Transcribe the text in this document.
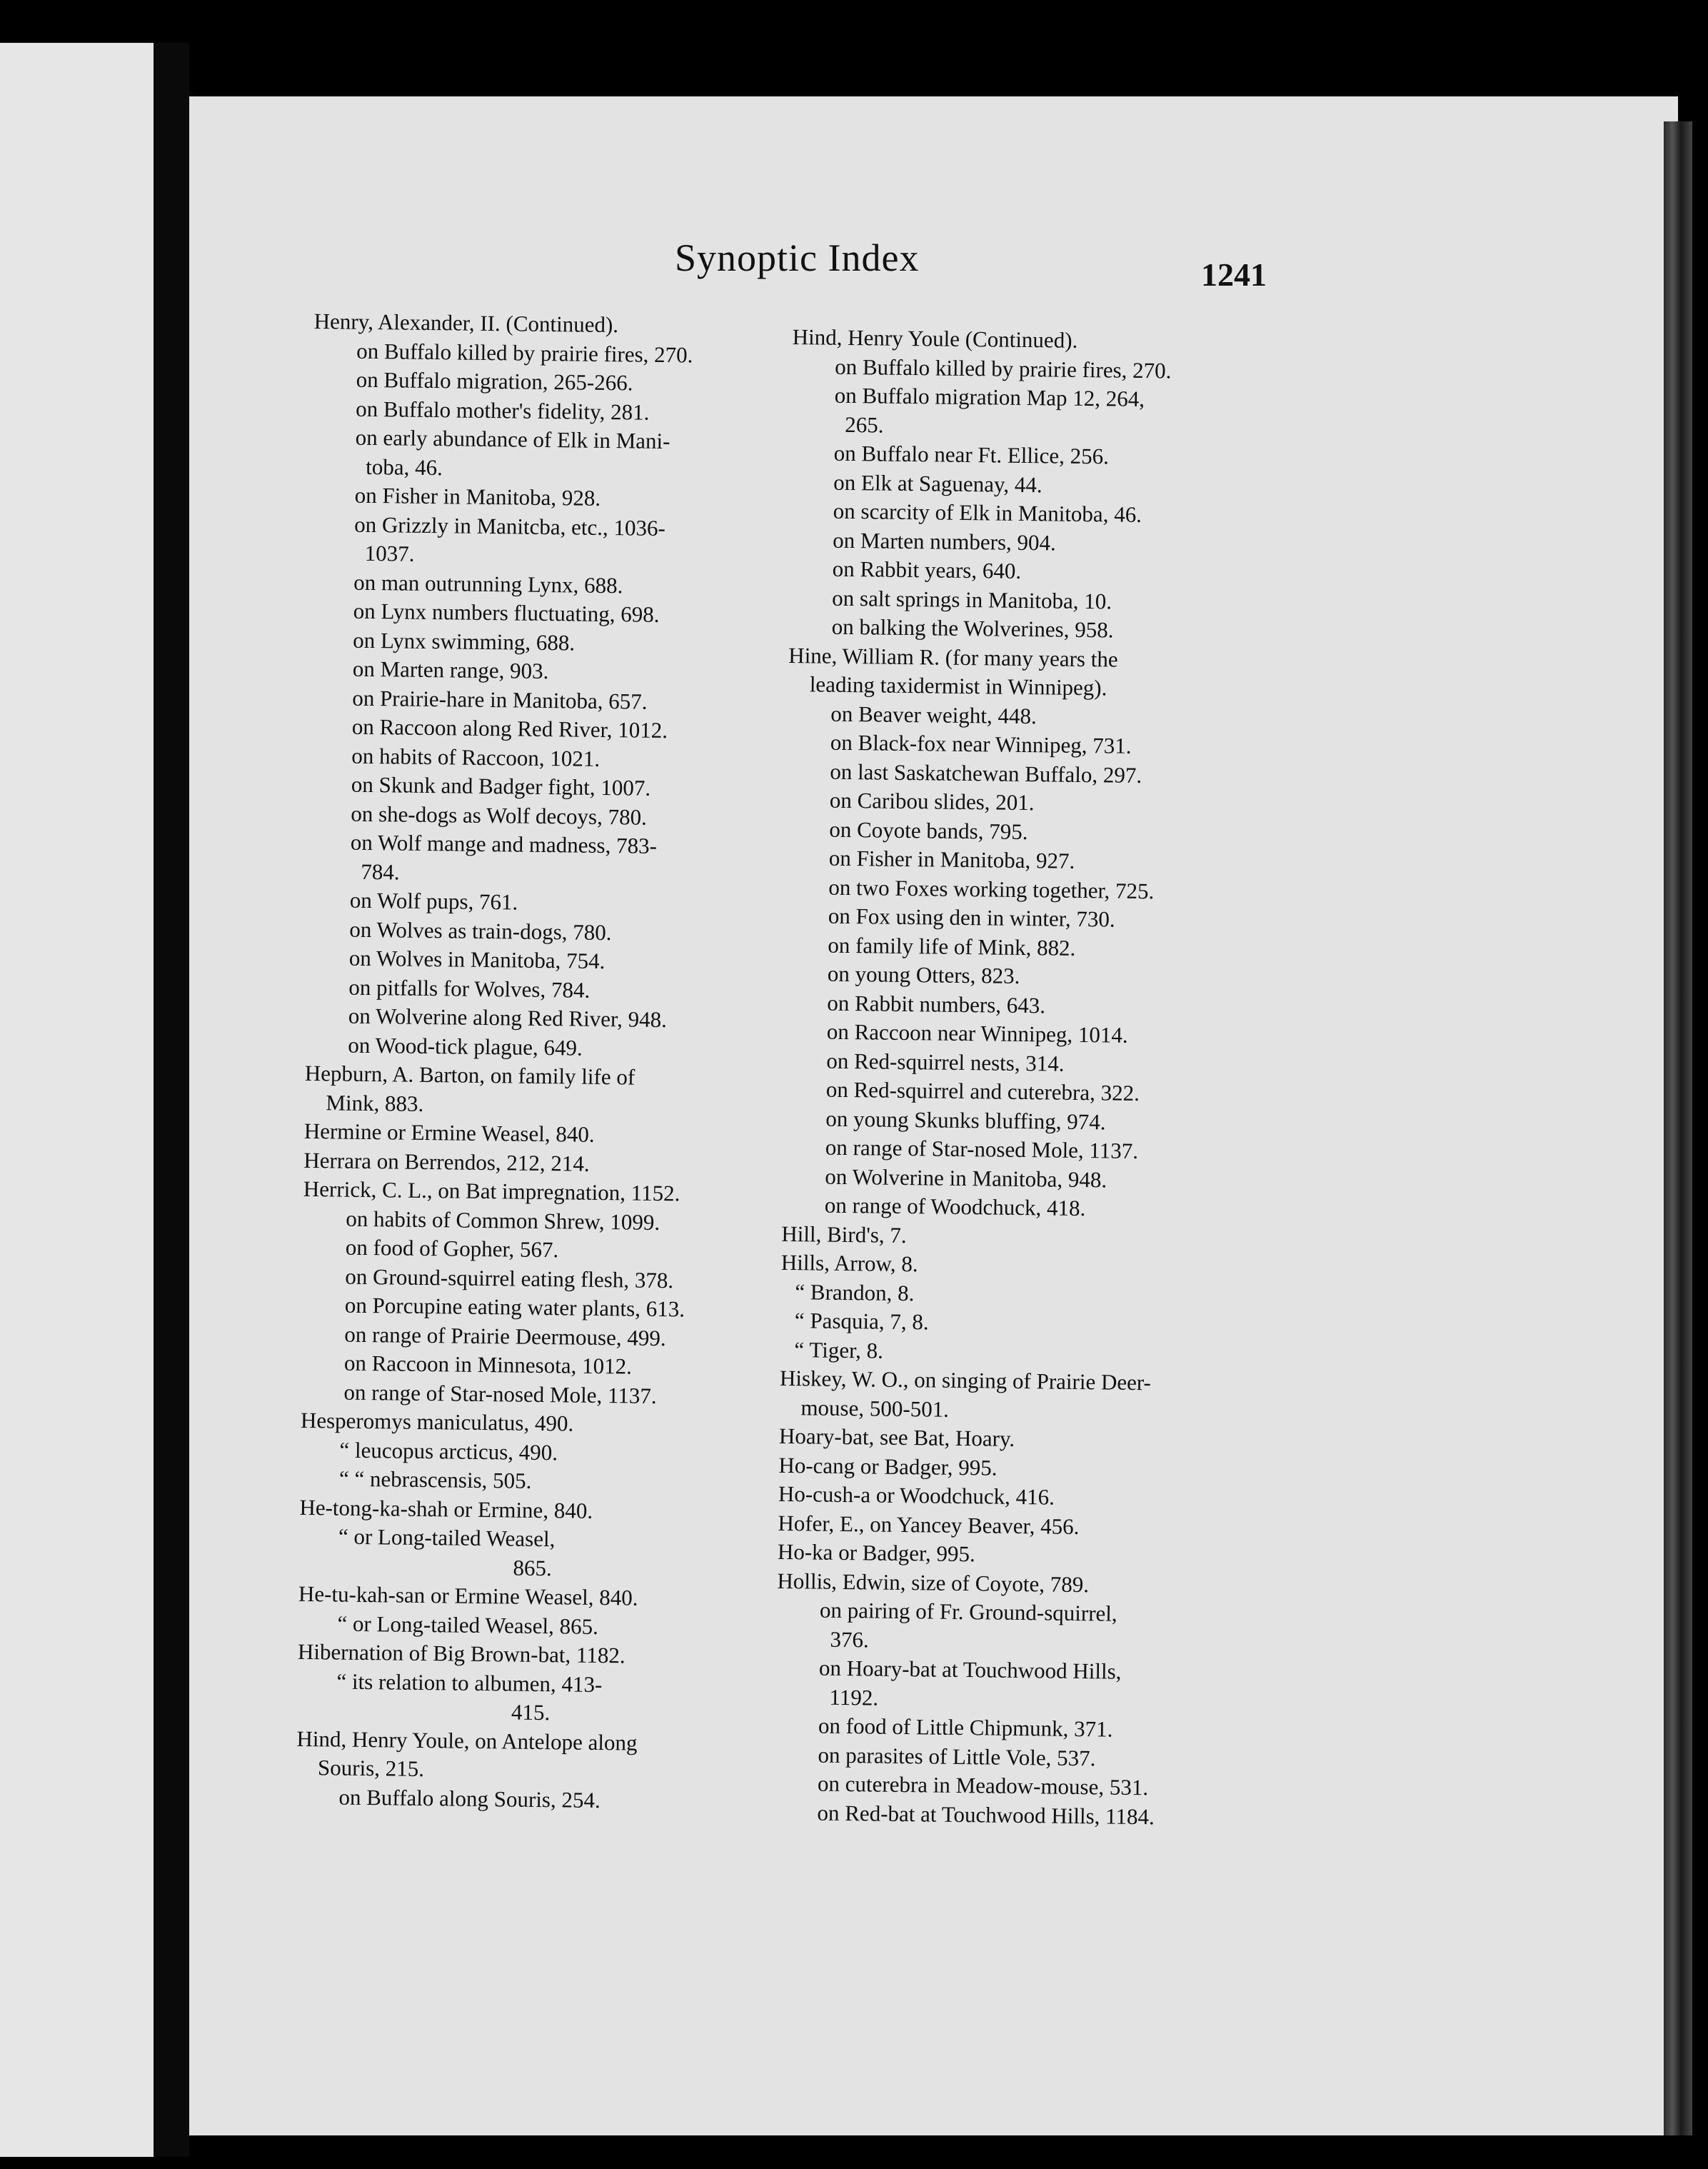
Synoptic Index	1241
Henry, Alexander, II. (Continued).
on Buffalo killed by prairie fires, 270.
on Buffalo migration, 265-266.
on Buffalo mother's fidelity, 281.
on early abundance of Elk in Mani-
toba, 46.
on Fisher in Manitoba, 928.
on Grizzly in Manitcba, etc., 1036-
1037.
on man outrunning Lynx, 688.
on Lynx numbers fluctuating, 698.
on Lynx swimming, 688.
on Marten range, 903.
on Prairie-hare in Manitoba, 657.
on Raccoon along Red River, 1012.
on habits of Raccoon, 1021.
on Skunk and Badger fight, 1007.
on she-dogs as Wolf decoys, 780.
on Wolf mange and madness, 783-
784.
on Wolf pups, 761.
on Wolves as train-dogs, 780.
on Wolves in Manitoba, 754.
on pitfalls for Wolves, 784.
on Wolverine along Red River, 948.
on Wood-tick plague, 649.
Hepburn, A. Barton, on family life of
Mink, 883.
Hermine or Ermine Weasel, 840.
Herrara on Berrendos, 212, 214.
Herrick, C. L., on Bat impregnation, 1152.
on habits of Common Shrew, 1099.
on food of Gopher, 567.
on Ground-squirrel eating flesh, 378.
on Porcupine eating water plants, 613.
on range of Prairie Deermouse, 499.
on Raccoon in Minnesota, 1012.
on range of Star-nosed Mole, 1137.
Hesperomys maniculatus, 490.
“ leucopus arcticus, 490.
“ “ nebrascensis, 505.
He-tong-ka-shah or Ermine, 840.
“ or Long-tailed Weasel,
865.
He-tu-kah-san or Ermine Weasel, 840.
“ or Long-tailed Weasel, 865.
Hibernation of Big Brown-bat, 1182.
“ its relation to albumen, 413-
415.
Hind, Henry Youle, on Antelope along
Souris, 215.
on Buffalo along Souris, 254.
Hind, Henry Youle (Continued).
on Buffalo killed by prairie fires, 270.
on Buffalo migration Map 12, 264,
265.
on Buffalo near Ft. Ellice, 256.
on Elk at Saguenay, 44.
on scarcity of Elk in Manitoba, 46.
on Marten numbers, 904.
on Rabbit years, 640.
on salt springs in Manitoba, 10.
on balking the Wolverines, 958.
Hine, William R. (for many years the
leading taxidermist in Winnipeg).
on Beaver weight, 448.
on Black-fox near Winnipeg, 731.
on last Saskatchewan Buffalo, 297.
on Caribou slides, 201.
on Coyote bands, 795.
on Fisher in Manitoba, 927.
on two Foxes working together, 725.
on Fox using den in winter, 730.
on family life of Mink, 882.
on young Otters, 823.
on Rabbit numbers, 643.
on Raccoon near Winnipeg, 1014.
on Red-squirrel nests, 314.
on Red-squirrel and cuterebra, 322.
on young Skunks bluffing, 974.
on range of Star-nosed Mole, 1137.
on Wolverine in Manitoba, 948.
on range of Woodchuck, 418.
Hill, Bird's, 7.
Hills, Arrow, 8.
“ Brandon, 8.
“ Pasquia, 7, 8.
“ Tiger, 8.
Hiskey, W. O., on singing of Prairie Deer-
mouse, 500-501.
Hoary-bat, see Bat, Hoary.
Ho-cang or Badger, 995.
Ho-cush-a or Woodchuck, 416.
Hofer, E., on Yancey Beaver, 456.
Ho-ka or Badger, 995.
Hollis, Edwin, size of Coyote, 789.
on pairing of Fr. Ground-squirrel,
376.
on Hoary-bat at Touchwood Hills,
1192.
on food of Little Chipmunk, 371.
on parasites of Little Vole, 537.
on cuterebra in Meadow-mouse, 531.
on Red-bat at Touchwood Hills, 1184.
